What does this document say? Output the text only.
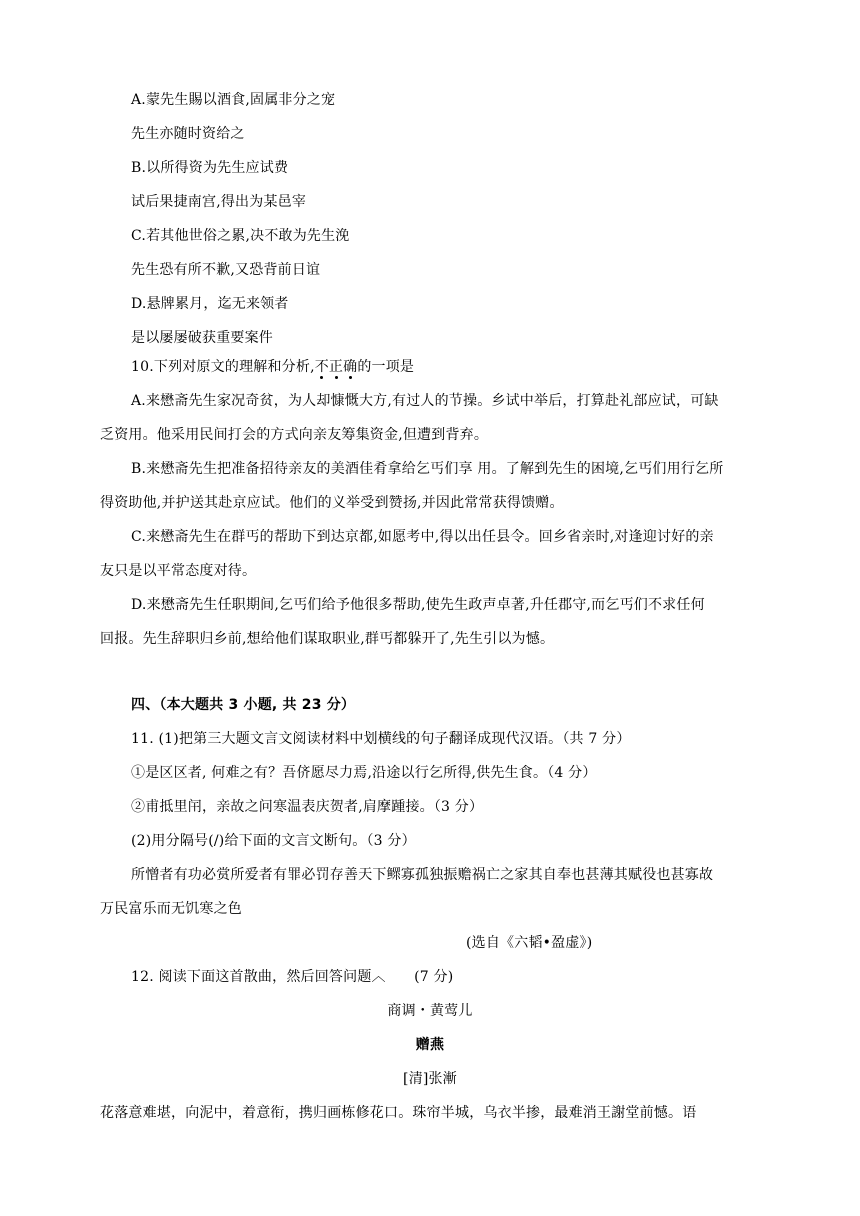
A.蒙先生賜以酒食,固属非分之宠
先生亦随时资给之
B.以所得资为先生应试费
试后果捷南宫,得出为某邑宰
C.若其他世俗之累,决不敢为先生浼
先生恐有所不歉,又恐背前日谊
D.悬牌累月，迄无来领者
是以屡屡破获重要案件
10.下列对原文的理解和分析,不正确的一项是
A.来懋斋先生家况奇贫，为人却慷慨大方,有过人的节操。乡试中举后，打算赴礼部应试，可缺
乏资用。他采用民间打会的方式向亲友筹集资金,但遭到背弃。
B.来懋斋先生把准备招待亲友的美酒佳肴拿给乞丐们享 用。了解到先生的困境,乞丐们用行乞所
得资助他,并护送其赴京应试。他们的义举受到赞扬,并因此常常获得馈赠。
C.来懋斋先生在群丐的帮助下到达京都,如愿考中,得以出任县令。回乡省亲时,对逢迎讨好的亲
友只是以平常态度对待。
D.来懋斋先生任职期间,乞丐们给予他很多帮助,使先生政声卓著,升任郡守,而乞丐们不求任何
回报。先生辞职归乡前,想给他们谋取职业,群丐都躲开了,先生引以为憾。
四、（本大题共 3 小题, 共 23 分）
11. (1)把第三大题文言文阅读材料中划横线的句子翻译成现代汉语。（共 7 分）
①是区区者, 何难之有？吾侪愿尽力焉,沿途以行乞所得,供先生食。（4 分）
②甫抵里闬，亲故之问寒温表庆贺者,肩摩踵接。（3 分）
(2)用分隔号(/)给下面的文言文断句。（3 分）
所憎者有功必赏所爱者有罪必罚存善天下鳏寡孤独振赡祸亡之家其自奉也甚薄其赋役也甚寡故
万民富乐而无饥寒之色
(选自《六韬•盈虚》)
12. 阅读下面这首散曲，然后回答问题︿　　(7 分)
商调・黄莺儿
赠燕
[清]张漸
花落意难堪，向泥中，着意衔，携归画栋修花口。珠帘半城，乌衣半掺，最难消王謝堂前憾。语
